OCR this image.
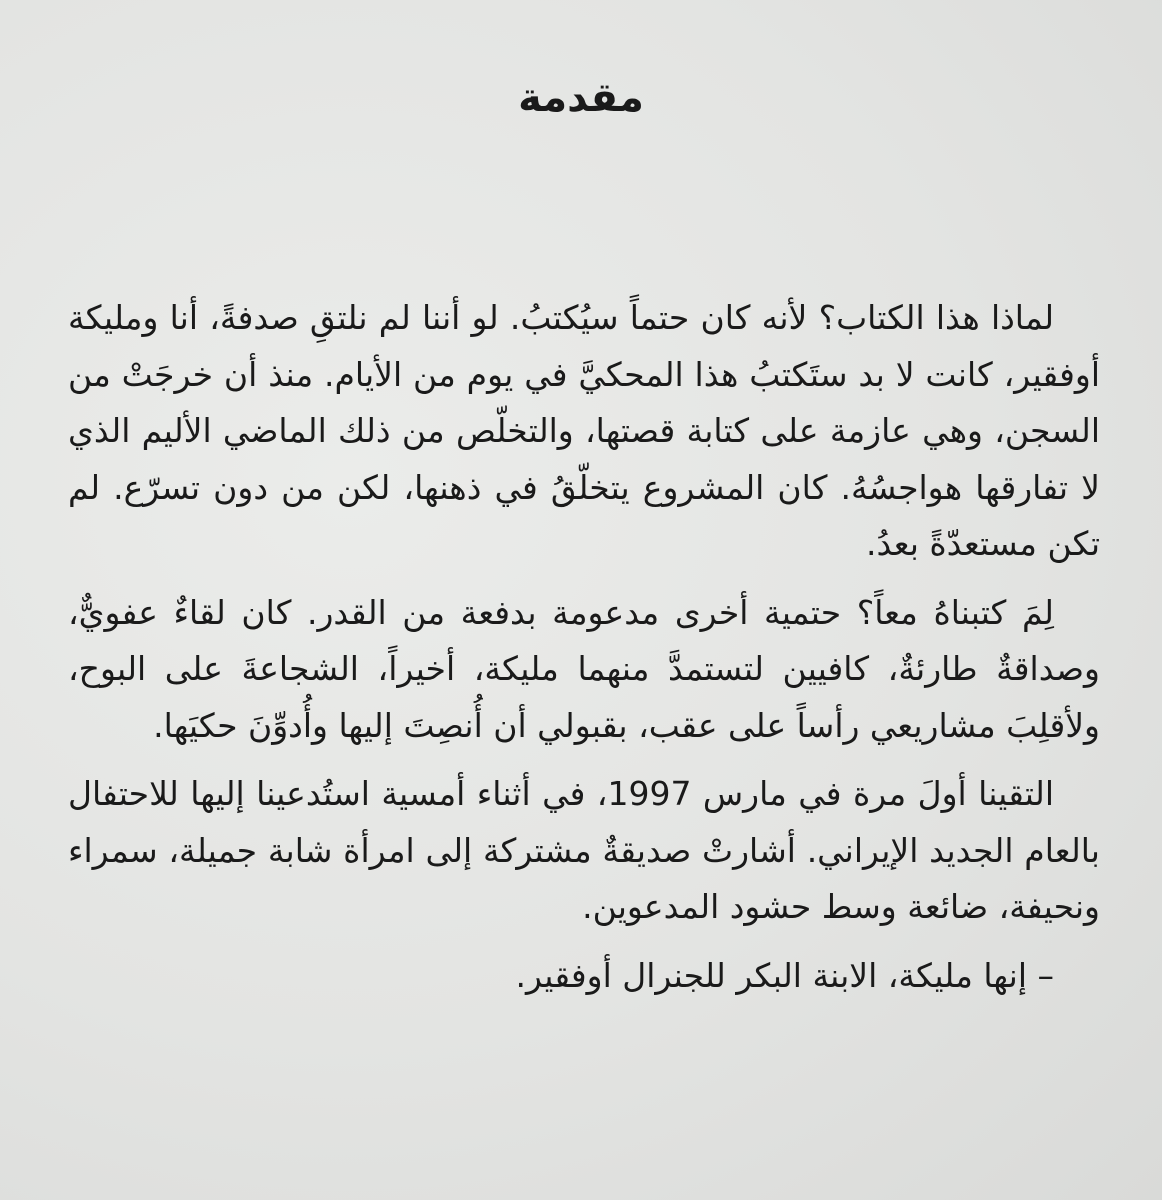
مقدمة

لماذا هذا الكتاب؟ لأنه كان حتماً سيُكتبُ. لو أننا لم نلتقِ صدفةً، أنا ومليكة أوفقير، كانت لا بد ستَكتبُ هذا المحكيَّ في يوم من الأيام. منذ أن خرجَتْ من السجن، وهي عازمة على كتابة قصتها، والتخلّص من ذلك الماضي الأليم الذي لا تفارقها هواجسُهُ. كان المشروع يتخلّقُ في ذهنها، لكن من دون تسرّع. لم تكن مستعدّةً بعدُ.

لِمَ كتبناهُ معاً؟ حتمية أخرى مدعومة بدفعة من القدر. كان لقاءٌ عفويٌّ، وصداقةٌ طارئةٌ، كافيين لتستمدَّ منهما مليكة، أخيراً، الشجاعةَ على البوح، ولأقلِبَ مشاريعي رأساً على عقب، بقبولي أن أُنصِتَ إليها وأُدوِّنَ حكيَها.

التقينا أولَ مرة في مارس 1997، في أثناء أمسية استُدعينا إليها للاحتفال بالعام الجديد الإيراني. أشارتْ صديقةٌ مشتركة إلى امرأة شابة جميلة، سمراء ونحيفة، ضائعة وسط حشود المدعوين.

– إنها مليكة، الابنة البكر للجنرال أوفقير.
